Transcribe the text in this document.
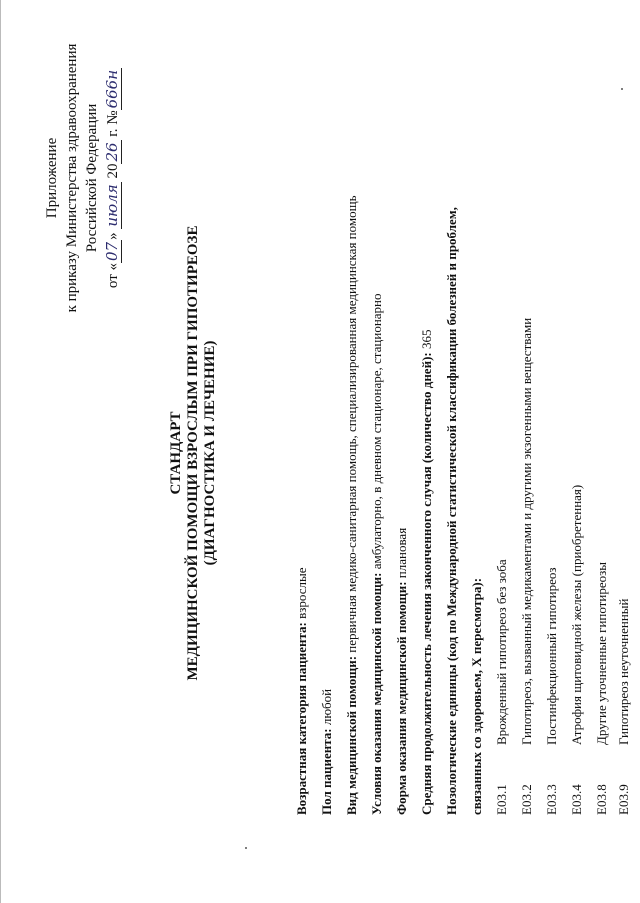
Приложение к приказу Министерства здравоохранения Российской Федерации
от «07» июля 2026 г. №666н
СТАНДАРТ МЕДИЦИНСКОЙ ПОМОЩИ ВЗРОСЛЫМ ПРИ ГИПОТИРЕОЗЕ (ДИАГНОСТИКА И ЛЕЧЕНИЕ)
Возрастная категория пациента: взрослые
Пол пациента: любой Вид медицинской помощи: первичная медико-санитарная помощь, специализированная медицинская помощь
Условия оказания медицинской помощи: амбулаторно, в дневном стационаре, стационарно
Форма оказания медицинской помощи: плановая Средняя продолжительность лечения законченного случая (количество дней): 365 Нозологические единицы (код по Международной статистической классификации болезней и проблем, связанных со здоровьем, X пересмотра): E03.1
Врожденный гипотиреоз без зоба
E03.2
Гипотиреоз, вызванный медикаментами и другими экзогенными веществами
E03.3
Постинфекционный гипотиреоз
E03.4
Атрофия щитовидной железы (приобретенная)
E03.8
Другие уточненные гипотиреозы
E03.9
Гипотиреоз неуточненный
